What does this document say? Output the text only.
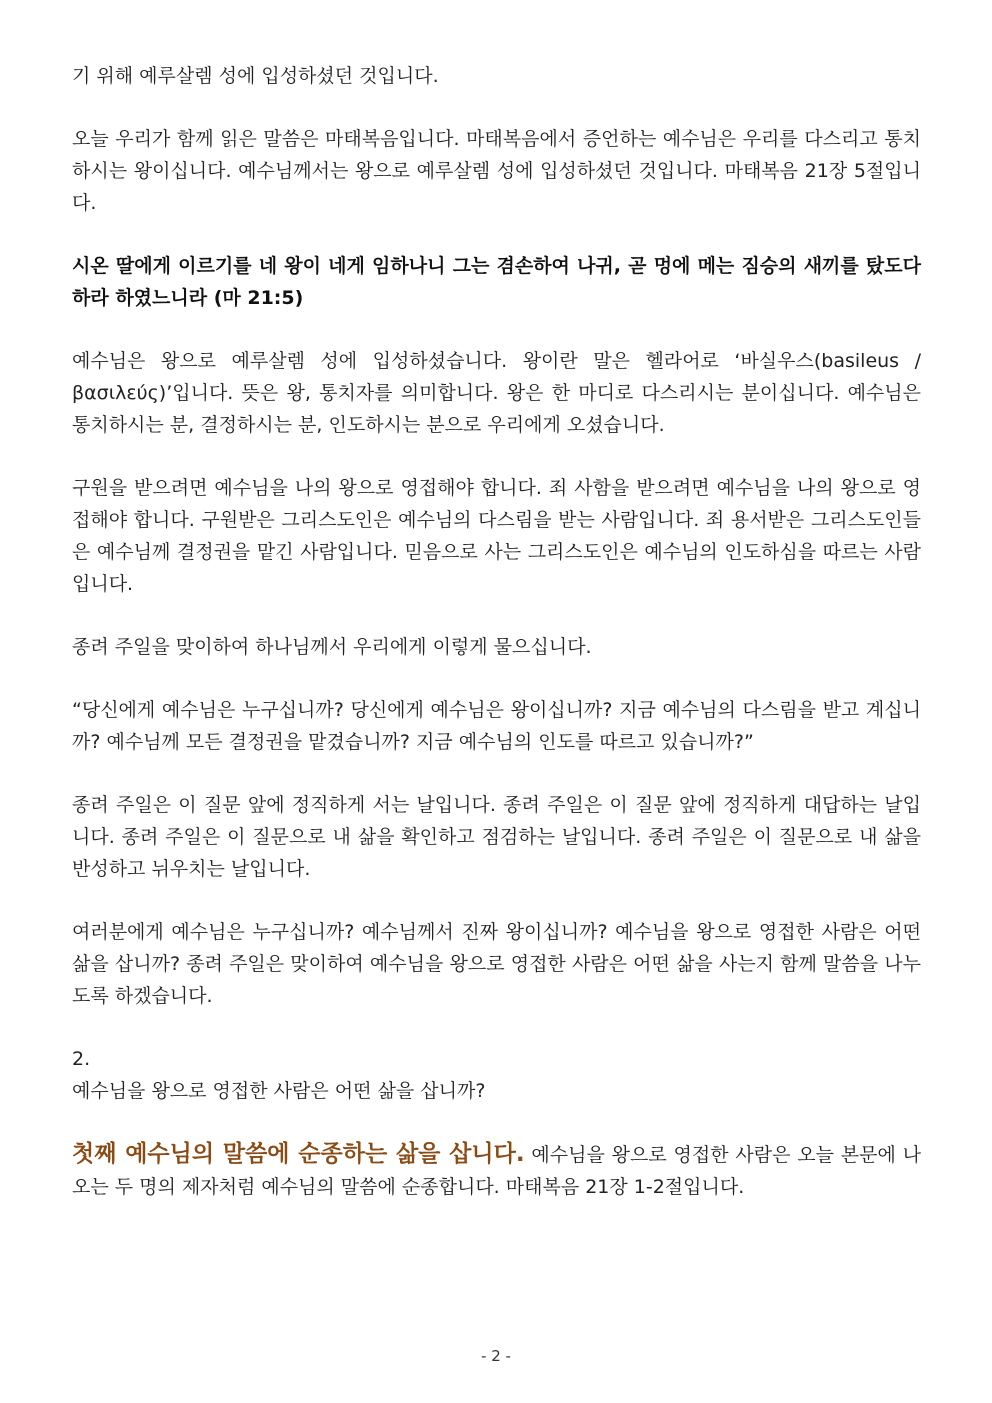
기 위해 예루살렘 성에 입성하셨던 것입니다.

오늘 우리가 함께 읽은 말씀은 마태복음입니다. 마태복음에서 증언하는 예수님은 우리를 다스리고 통치하시는 왕이십니다. 예수님께서는 왕으로 예루살렘 성에 입성하셨던 것입니다. 마태복음 21장 5절입니다.

시온 딸에게 이르기를 네 왕이 네게 임하나니 그는 겸손하여 나귀, 곧 멍에 메는 짐승의 새끼를 탔도다 하라 하였느니라 (마 21:5)

예수님은 왕으로 예루살렘 성에 입성하셨습니다. 왕이란 말은 헬라어로 ‘바실우스(basileus / βασιλεύς)’입니다. 뜻은 왕, 통치자를 의미합니다. 왕은 한 마디로 다스리시는 분이십니다. 예수님은 통치하시는 분, 결정하시는 분, 인도하시는 분으로 우리에게 오셨습니다.

구원을 받으려면 예수님을 나의 왕으로 영접해야 합니다. 죄 사함을 받으려면 예수님을 나의 왕으로 영접해야 합니다. 구원받은 그리스도인은 예수님의 다스림을 받는 사람입니다. 죄 용서받은 그리스도인들은 예수님께 결정권을 맡긴 사람입니다. 믿음으로 사는 그리스도인은 예수님의 인도하심을 따르는 사람입니다.

종려 주일을 맞이하여 하나님께서 우리에게 이렇게 물으십니다.

“당신에게 예수님은 누구십니까? 당신에게 예수님은 왕이십니까? 지금 예수님의 다스림을 받고 계십니까? 예수님께 모든 결정권을 맡겼습니까? 지금 예수님의 인도를 따르고 있습니까?”

종려 주일은 이 질문 앞에 정직하게 서는 날입니다. 종려 주일은 이 질문 앞에 정직하게 대답하는 날입니다. 종려 주일은 이 질문으로 내 삶을 확인하고 점검하는 날입니다. 종려 주일은 이 질문으로 내 삶을 반성하고 뉘우치는 날입니다.

여러분에게 예수님은 누구십니까? 예수님께서 진짜 왕이십니까? 예수님을 왕으로 영접한 사람은 어떤 삶을 삽니까? 종려 주일은 맞이하여 예수님을 왕으로 영접한 사람은 어떤 삶을 사는지 함께 말씀을 나누도록 하겠습니다.

2.

예수님을 왕으로 영접한 사람은 어떤 삶을 삽니까?

첫째 예수님의 말씀에 순종하는 삶을 삽니다. 예수님을 왕으로 영접한 사람은 오늘 본문에 나오는 두 명의 제자처럼 예수님의 말씀에 순종합니다. 마태복음 21장 1-2절입니다.

- 2 -
